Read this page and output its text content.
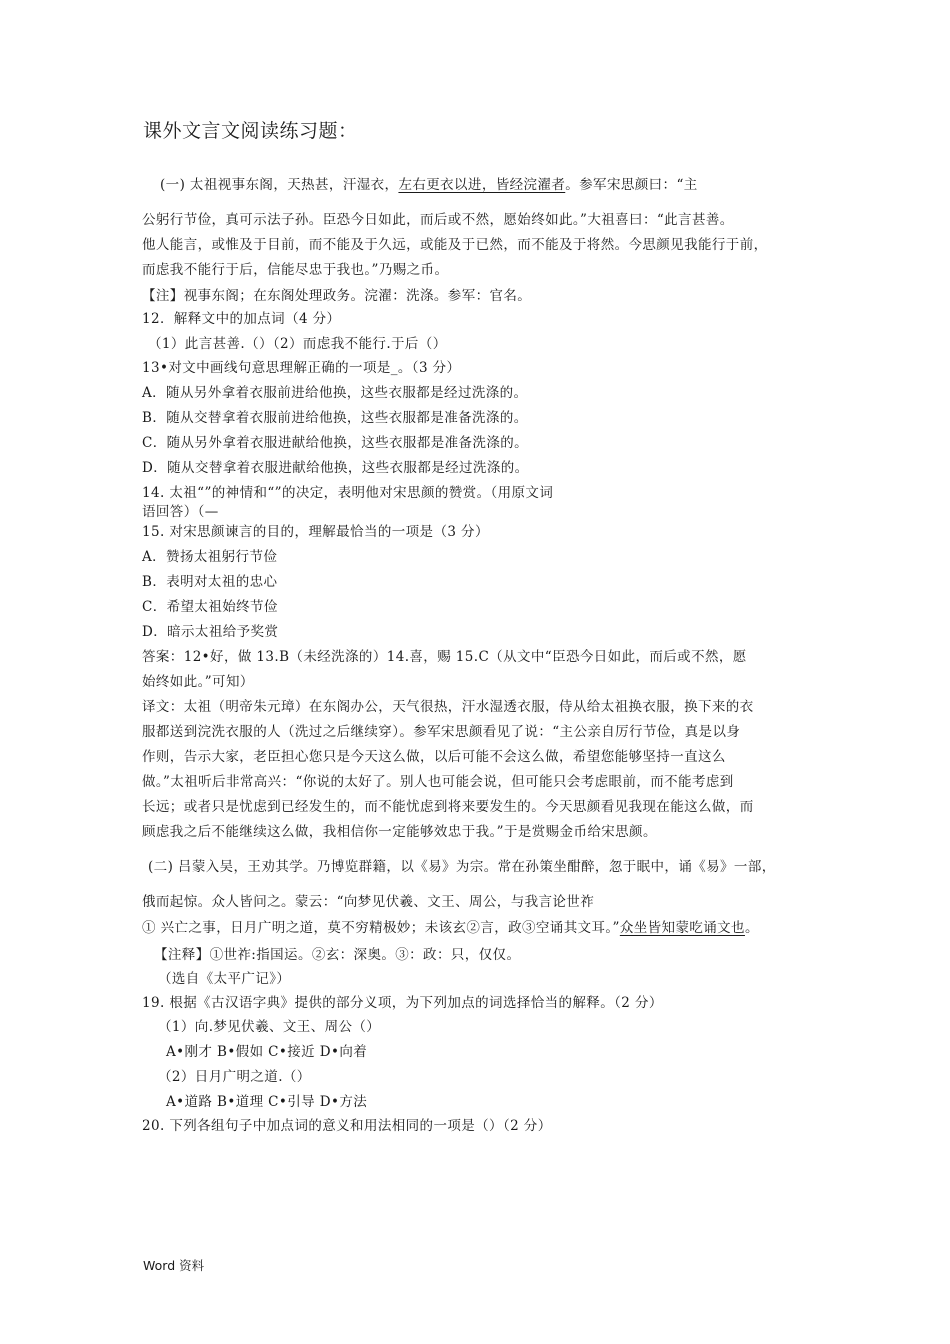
课外文言文阅读练习题：
(一) 太祖视事东阁，天热甚，汗湿衣，左右更衣以进，皆经浣濯者。参军宋思颜曰：“主
公躬行节俭，真可示法子孙。臣恐今日如此，而后或不然，愿始终如此。”大祖喜曰：“此言甚善。
他人能言，或惟及于目前，而不能及于久远，或能及于已然，而不能及于将然。今思颜见我能行于前，
而虑我不能行于后，信能尽忠于我也。”乃赐之币。
【注】视事东阁；在东阁处理政务。浣濯：洗涤。参军：官名。
12．解释文中的加点词（4 分）
（1）此言甚善.（）（2）而虑我不能行.于后（）
13•对文中画线句意思理解正确的一项是_。（3 分）
A．随从另外拿着衣服前进给他换，这些衣服都是经过洗涤的。
B．随从交替拿着衣服前进给他换，这些衣服都是准备洗涤的。
C．随从另外拿着衣服进献给他换，这些衣服都是准备洗涤的。
D．随从交替拿着衣服进献给他换，这些衣服都是经过洗涤的。
14. 太祖“”的神情和“”的决定，表明他对宋思颜的赞赏。（用原文词
语回答）（—
15. 对宋思颜谏言的目的，理解最恰当的一项是（3 分）
A．赞扬太祖躬行节俭
B．表明对太祖的忠心
C．希望太祖始终节俭
D．暗示太祖给予奖赏
答案：12•好，做 13.B（未经洗涤的）14.喜，赐 15.C（从文中“臣恐今日如此，而后或不然，愿
始终如此。”可知）
译文：太祖（明帝朱元璋）在东阁办公，天气很热，汗水湿透衣服，侍从给太祖换衣服，换下来的衣
服都送到浣洗衣服的人（洗过之后继续穿）。参军宋思颜看见了说：“主公亲自厉行节俭，真是以身
作则，告示大家，老臣担心您只是今天这么做，以后可能不会这么做，希望您能够坚持一直这么
做。”太祖听后非常高兴：“你说的太好了。别人也可能会说，但可能只会考虑眼前，而不能考虑到
长远；或者只是忧虑到已经发生的，而不能忧虑到将来要发生的。今天思颜看见我现在能这么做，而
顾虑我之后不能继续这么做，我相信你一定能够效忠于我。”于是赏赐金币给宋思颜。
(二) 吕蒙入吴，王劝其学。乃博览群籍，以《易》为宗。常在孙策坐酣醉，忽于眠中，诵《易》一部，
俄而起惊。众人皆问之。蒙云：“向梦见伏羲、文王、周公，与我言论世祚
① 兴亡之事，日月广明之道，莫不穷精极妙；未该玄②言，政③空诵其文耳。”众坐皆知蒙吃诵文也。
【注释】①世祚:指国运。②玄：深奥。③：政：只，仅仅。
（选自《太平广记》）
19. 根据《古汉语字典》提供的部分义项，为下列加点的词选择恰当的解释。（2 分）
（1）向.梦见伏羲、文王、周公（）
A•刚才 B•假如 C•接近 D•向着
（2）日月广明之道.（）
A•道路 B•道理 C•引导 D•方法
20. 下列各组句子中加点词的意义和用法相同的一项是（）（2 分）
Word 资料
